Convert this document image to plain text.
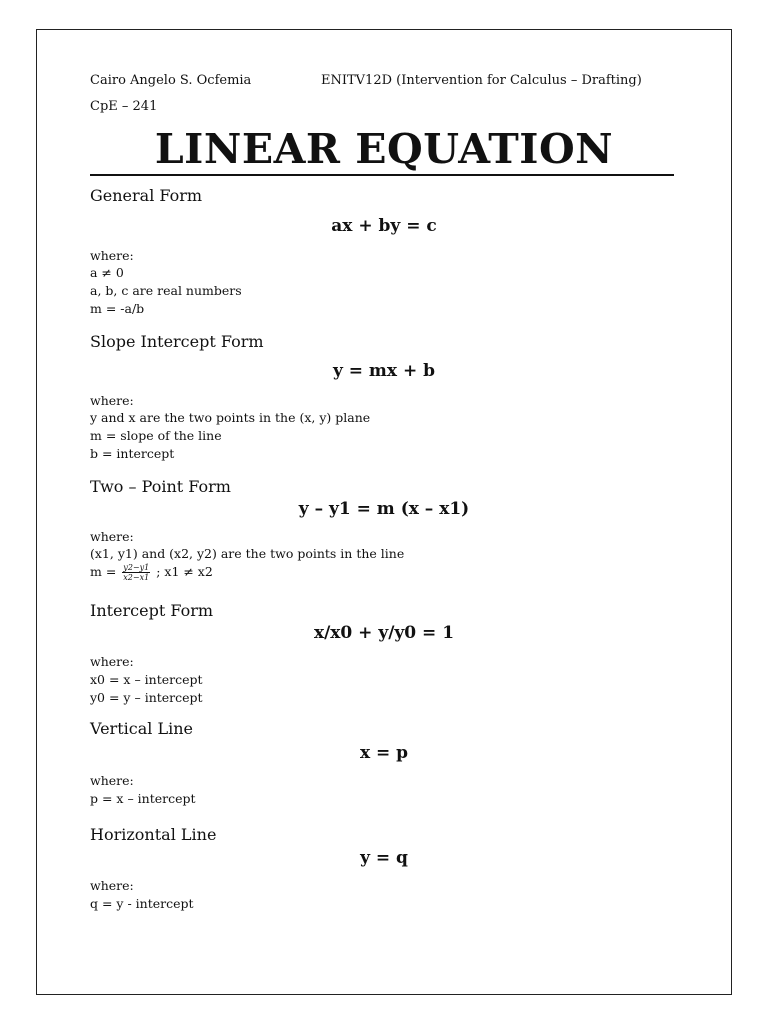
Cairo Angelo S. Ocfemia	ENITV12D (Intervention for Calculus – Drafting)
CpE – 241
LINEAR EQUATION
General Form
ax + by = c
where:
a ≠ 0
a, b, c are real numbers
m = -a/b
Slope Intercept Form
y = mx + b
where:
y and x are the two points in the (x, y) plane
m = slope of the line
b = intercept
Two – Point Form
y – y1 = m (x – x1)
where:
(x1, y1) and (x2, y2) are the two points in the line
$m = \frac{y2-y1}{x2-x1}$ ; x1 ≠ x2
Intercept Form
x/x0 + y/y0 = 1
where:
x0 = x – intercept
y0 = y – intercept
Vertical Line
x = p
where:
p = x – intercept
Horizontal Line
y = q
where:
q = y - intercept
